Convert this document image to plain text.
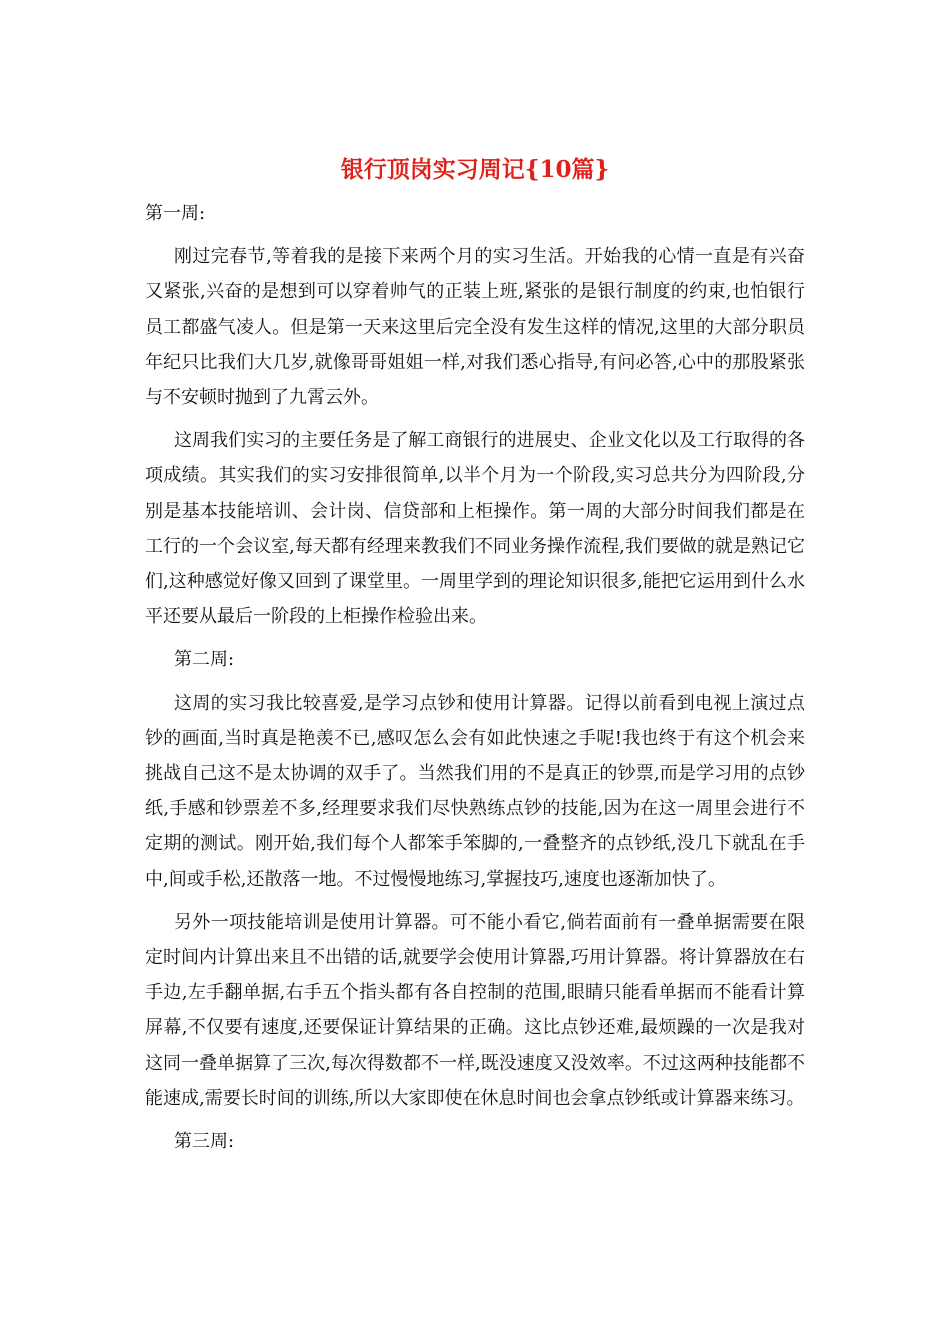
银行顶岗实习周记{10篇}

第一周:

刚过完春节,等着我的是接下来两个月的实习生活。开始我的心情一直是有兴奋又紧张,兴奋的是想到可以穿着帅气的正装上班,紧张的是银行制度的约束,也怕银行员工都盛气凌人。但是第一天来这里后完全没有发生这样的情况,这里的大部分职员年纪只比我们大几岁,就像哥哥姐姐一样,对我们悉心指导,有问必答,心中的那股紧张与不安顿时抛到了九霄云外。

这周我们实习的主要任务是了解工商银行的进展史、企业文化以及工行取得的各项成绩。其实我们的实习安排很简单,以半个月为一个阶段,实习总共分为四阶段,分别是基本技能培训、会计岗、信贷部和上柜操作。第一周的大部分时间我们都是在工行的一个会议室,每天都有经理来教我们不同业务操作流程,我们要做的就是熟记它们,这种感觉好像又回到了课堂里。一周里学到的理论知识很多,能把它运用到什么水平还要从最后一阶段的上柜操作检验出来。

第二周:

这周的实习我比较喜爱,是学习点钞和使用计算器。记得以前看到电视上演过点钞的画面,当时真是艳羡不已,感叹怎么会有如此快速之手呢!我也终于有这个机会来挑战自己这不是太协调的双手了。当然我们用的不是真正的钞票,而是学习用的点钞纸,手感和钞票差不多,经理要求我们尽快熟练点钞的技能,因为在这一周里会进行不定期的测试。刚开始,我们每个人都笨手笨脚的,一叠整齐的点钞纸,没几下就乱在手中,间或手松,还散落一地。不过慢慢地练习,掌握技巧,速度也逐渐加快了。

另外一项技能培训是使用计算器。可不能小看它,倘若面前有一叠单据需要在限定时间内计算出来且不出错的话,就要学会使用计算器,巧用计算器。将计算器放在右手边,左手翻单据,右手五个指头都有各自控制的范围,眼睛只能看单据而不能看计算屏幕,不仅要有速度,还要保证计算结果的正确。这比点钞还难,最烦躁的一次是我对这同一叠单据算了三次,每次得数都不一样,既没速度又没效率。不过这两种技能都不能速成,需要长时间的训练,所以大家即使在休息时间也会拿点钞纸或计算器来练习。

第三周:
